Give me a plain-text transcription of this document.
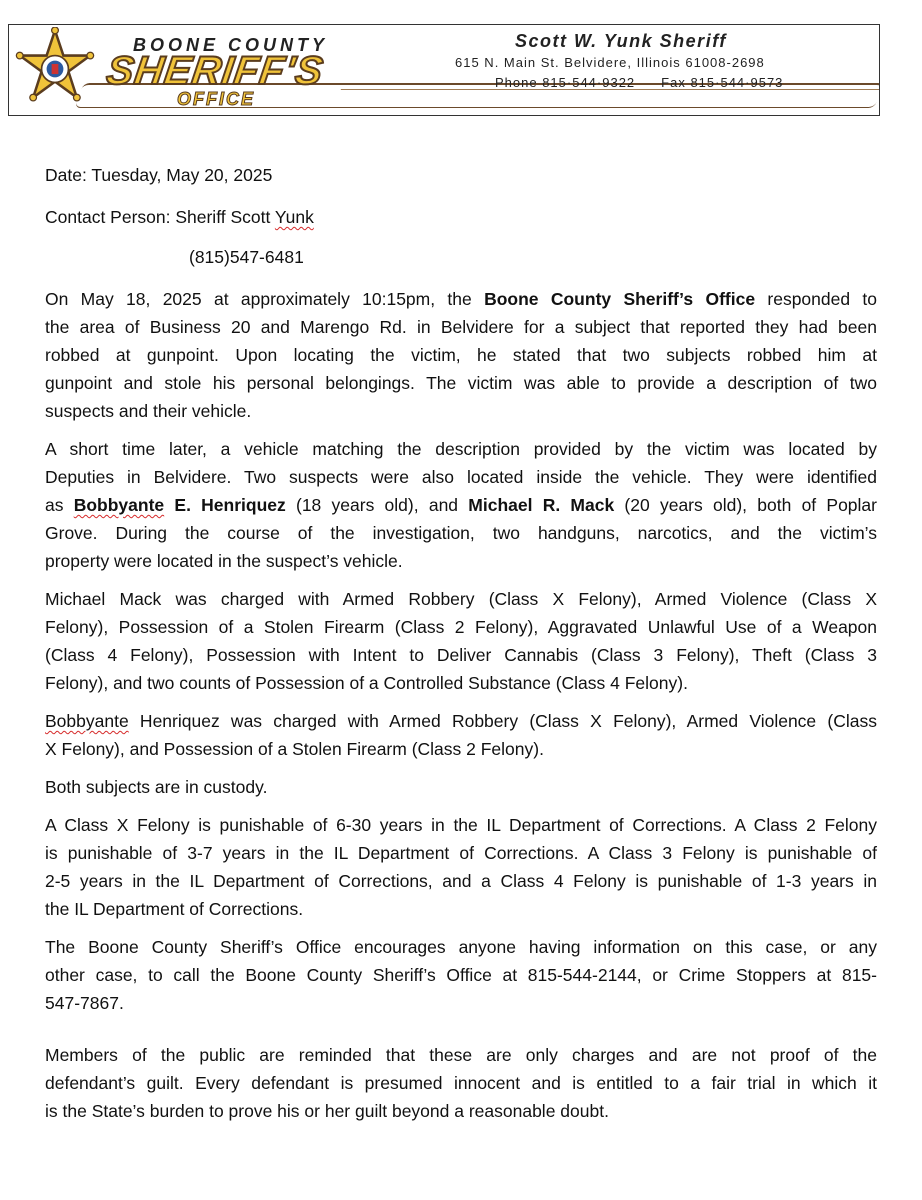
BOONE COUNTY
SHERIFF'S
OFFICE
Scott W. Yunk Sheriff
615 N. Main St. Belvidere, Illinois 61008-2698
Phone 815·544·9322 Fax 815·544·9573

Date: Tuesday, May 20, 2025

Contact Person: Sheriff Scott Yunk

(815)547-6481

On May 18, 2025 at approximately 10:15pm, the Boone County Sheriff’s Office responded to
the area of Business 20 and Marengo Rd. in Belvidere for a subject that reported they had been
robbed at gunpoint. Upon locating the victim, he stated that two subjects robbed him at
gunpoint and stole his personal belongings. The victim was able to provide a description of two
suspects and their vehicle.
A short time later, a vehicle matching the description provided by the victim was located by
Deputies in Belvidere. Two suspects were also located inside the vehicle. They were identified
as Bobbyante E. Henriquez (18 years old), and Michael R. Mack (20 years old), both of Poplar
Grove. During the course of the investigation, two handguns, narcotics, and the victim’s
property were located in the suspect’s vehicle.
Michael Mack was charged with Armed Robbery (Class X Felony), Armed Violence (Class X
Felony), Possession of a Stolen Firearm (Class 2 Felony), Aggravated Unlawful Use of a Weapon
(Class 4 Felony), Possession with Intent to Deliver Cannabis (Class 3 Felony), Theft (Class 3
Felony), and two counts of Possession of a Controlled Substance (Class 4 Felony).
Bobbyante Henriquez was charged with Armed Robbery (Class X Felony), Armed Violence (Class
X Felony), and Possession of a Stolen Firearm (Class 2 Felony).
Both subjects are in custody.
A Class X Felony is punishable of 6-30 years in the IL Department of Corrections. A Class 2 Felony
is punishable of 3-7 years in the IL Department of Corrections. A Class 3 Felony is punishable of
2-5 years in the IL Department of Corrections, and a Class 4 Felony is punishable of 1-3 years in
the IL Department of Corrections.
The Boone County Sheriff’s Office encourages anyone having information on this case, or any
other case, to call the Boone County Sheriff’s Office at 815-544-2144, or Crime Stoppers at 815-
547-7867.
Members of the public are reminded that these are only charges and are not proof of the
defendant’s guilt. Every defendant is presumed innocent and is entitled to a fair trial in which it
is the State’s burden to prove his or her guilt beyond a reasonable doubt.
